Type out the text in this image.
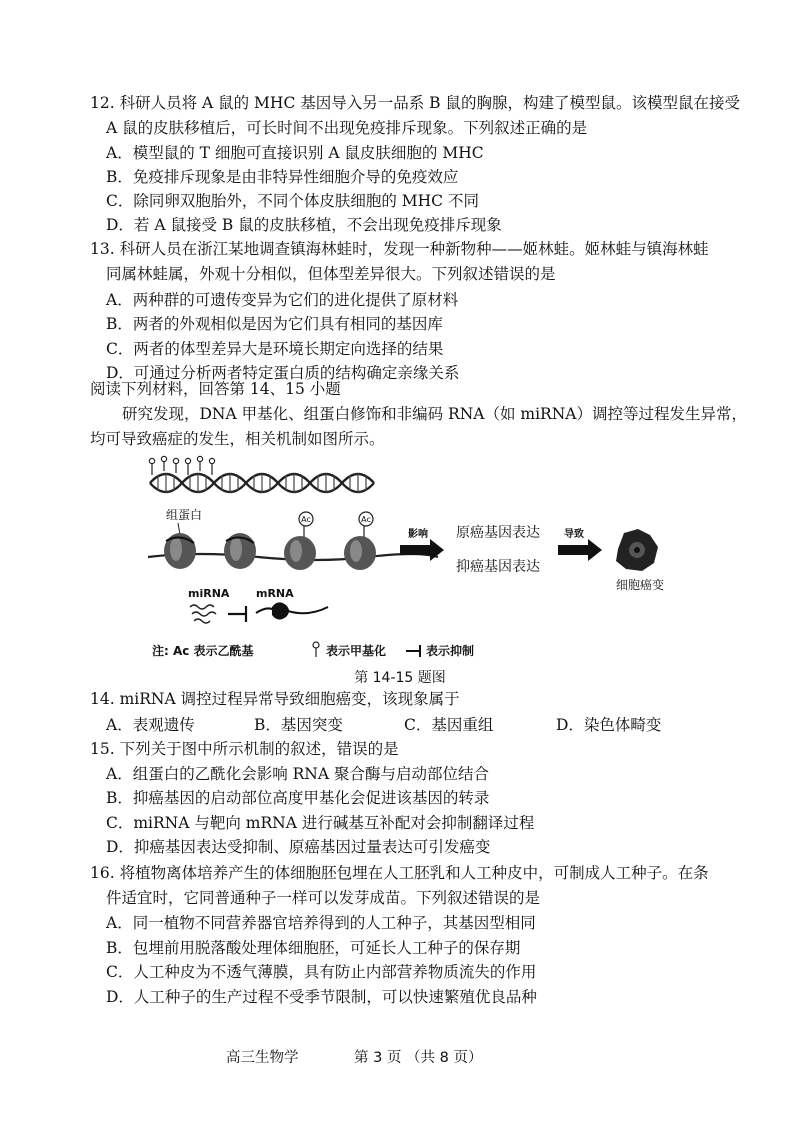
12. 科研人员将 A 鼠的 MHC 基因导入另一品系 B 鼠的胸腺，构建了模型鼠。该模型鼠在接受
A 鼠的皮肤移植后，可长时间不出现免疫排斥现象。下列叙述正确的是
A．模型鼠的 T 细胞可直接识别 A 鼠皮肤细胞的 MHC
B．免疫排斥现象是由非特异性细胞介导的免疫效应
C．除同卵双胞胎外，不同个体皮肤细胞的 MHC 不同
D．若 A 鼠接受 B 鼠的皮肤移植，不会出现免疫排斥现象
13. 科研人员在浙江某地调查镇海林蛙时，发现一种新物种——姬林蛙。姬林蛙与镇海林蛙
同属林蛙属，外观十分相似，但体型差异很大。下列叙述错误的是
A．两种群的可遗传变异为它们的进化提供了原材料
B．两者的外观相似是因为它们具有相同的基因库
C．两者的体型差异大是环境长期定向选择的结果
D．可通过分析两者特定蛋白质的结构确定亲缘关系
阅读下列材料，回答第 14、15 小题
研究发现，DNA 甲基化、组蛋白修饰和非编码 RNA（如 miRNA）调控等过程发生异常，
均可导致癌症的发生，相关机制如图所示。
组蛋白	Ac	Ac
影响 原癌基因表达
抑癌基因表达
导致
细胞癌变
miRNA mRNA
注: Ac 表示乙酰基	表示甲基化	表示抑制
第 14-15 题图
14. miRNA 调控过程异常导致细胞癌变，该现象属于
A．表观遗传	B．基因突变	C．基因重组	D．染色体畸变
15. 下列关于图中所示机制的叙述，错误的是
A．组蛋白的乙酰化会影响 RNA 聚合酶与启动部位结合
B．抑癌基因的启动部位高度甲基化会促进该基因的转录
C．miRNA 与靶向 mRNA 进行碱基互补配对会抑制翻译过程
D．抑癌基因表达受抑制、原癌基因过量表达可引发癌变
16. 将植物离体培养产生的体细胞胚包埋在人工胚乳和人工种皮中，可制成人工种子。在条
件适宜时，它同普通种子一样可以发芽成苗。下列叙述错误的是
A．同一植物不同营养器官培养得到的人工种子，其基因型相同
B．包埋前用脱落酸处理体细胞胚，可延长人工种子的保存期
C．人工种皮为不透气薄膜，具有防止内部营养物质流失的作用
D．人工种子的生产过程不受季节限制，可以快速繁殖优良品种
高三生物学	第 3 页 （共 8 页）
